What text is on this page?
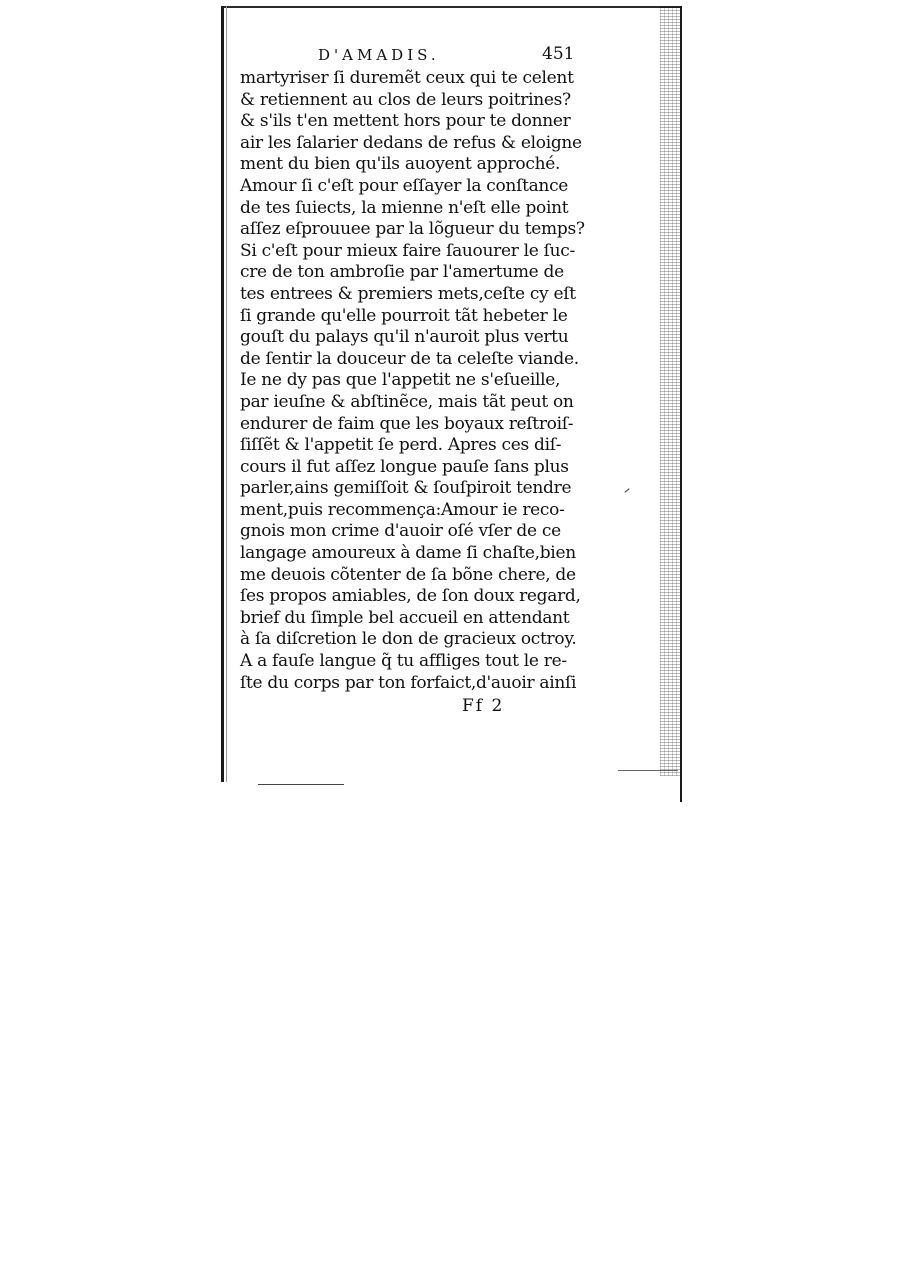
D'AMADIS.	451
martyriser ſi duremẽt ceux qui te celent
& retiennent au clos de leurs poitrines?
& s'ils t'en mettent hors pour te donner
air les ſalarier dedans de refus & eloigne
ment du bien qu'ils auoyent approché.
Amour ſi c'eſt pour eſſayer la conſtance
de tes ſuiects, la mienne n'eſt elle point
aſſez eſprouuee par la lõgueur du temps?
Si c'eſt pour mieux faire ſauourer le ſuc-
cre de ton ambroſie par l'amertume de
tes entrees & premiers mets,ceſte cy eſt
ſi grande qu'elle pourroit tãt hebeter le
gouſt du palays qu'il n'auroit plus vertu
de ſentir la douceur de ta celeſte viande.
Ie ne dy pas que l'appetit ne s'eſueille,
par ieuſne & abſtinẽce, mais tãt peut on
endurer de faim que les boyaux reſtroiſ-
ſiſſẽt & l'appetit ſe perd. Apres ces diſ-
cours il fut aſſez longue pauſe ſans plus
parler,ains gemiſſoit & ſouſpiroit tendre
ment,puis recommença:Amour ie reco-
gnois mon crime d'auoir oſé vſer de ce
langage amoureux à dame ſi chaſte,bien
me deuois cõtenter de ſa bõne chere, de
ſes propos amiables, de ſon doux regard,
brief du ſimple bel accueil en attendant
à ſa diſcretion le don de gracieux octroy.
A a fauſe langue q̃ tu affliges tout le re-
ſte du corps par ton forfaict,d'auoir ainſi
Ff 2
